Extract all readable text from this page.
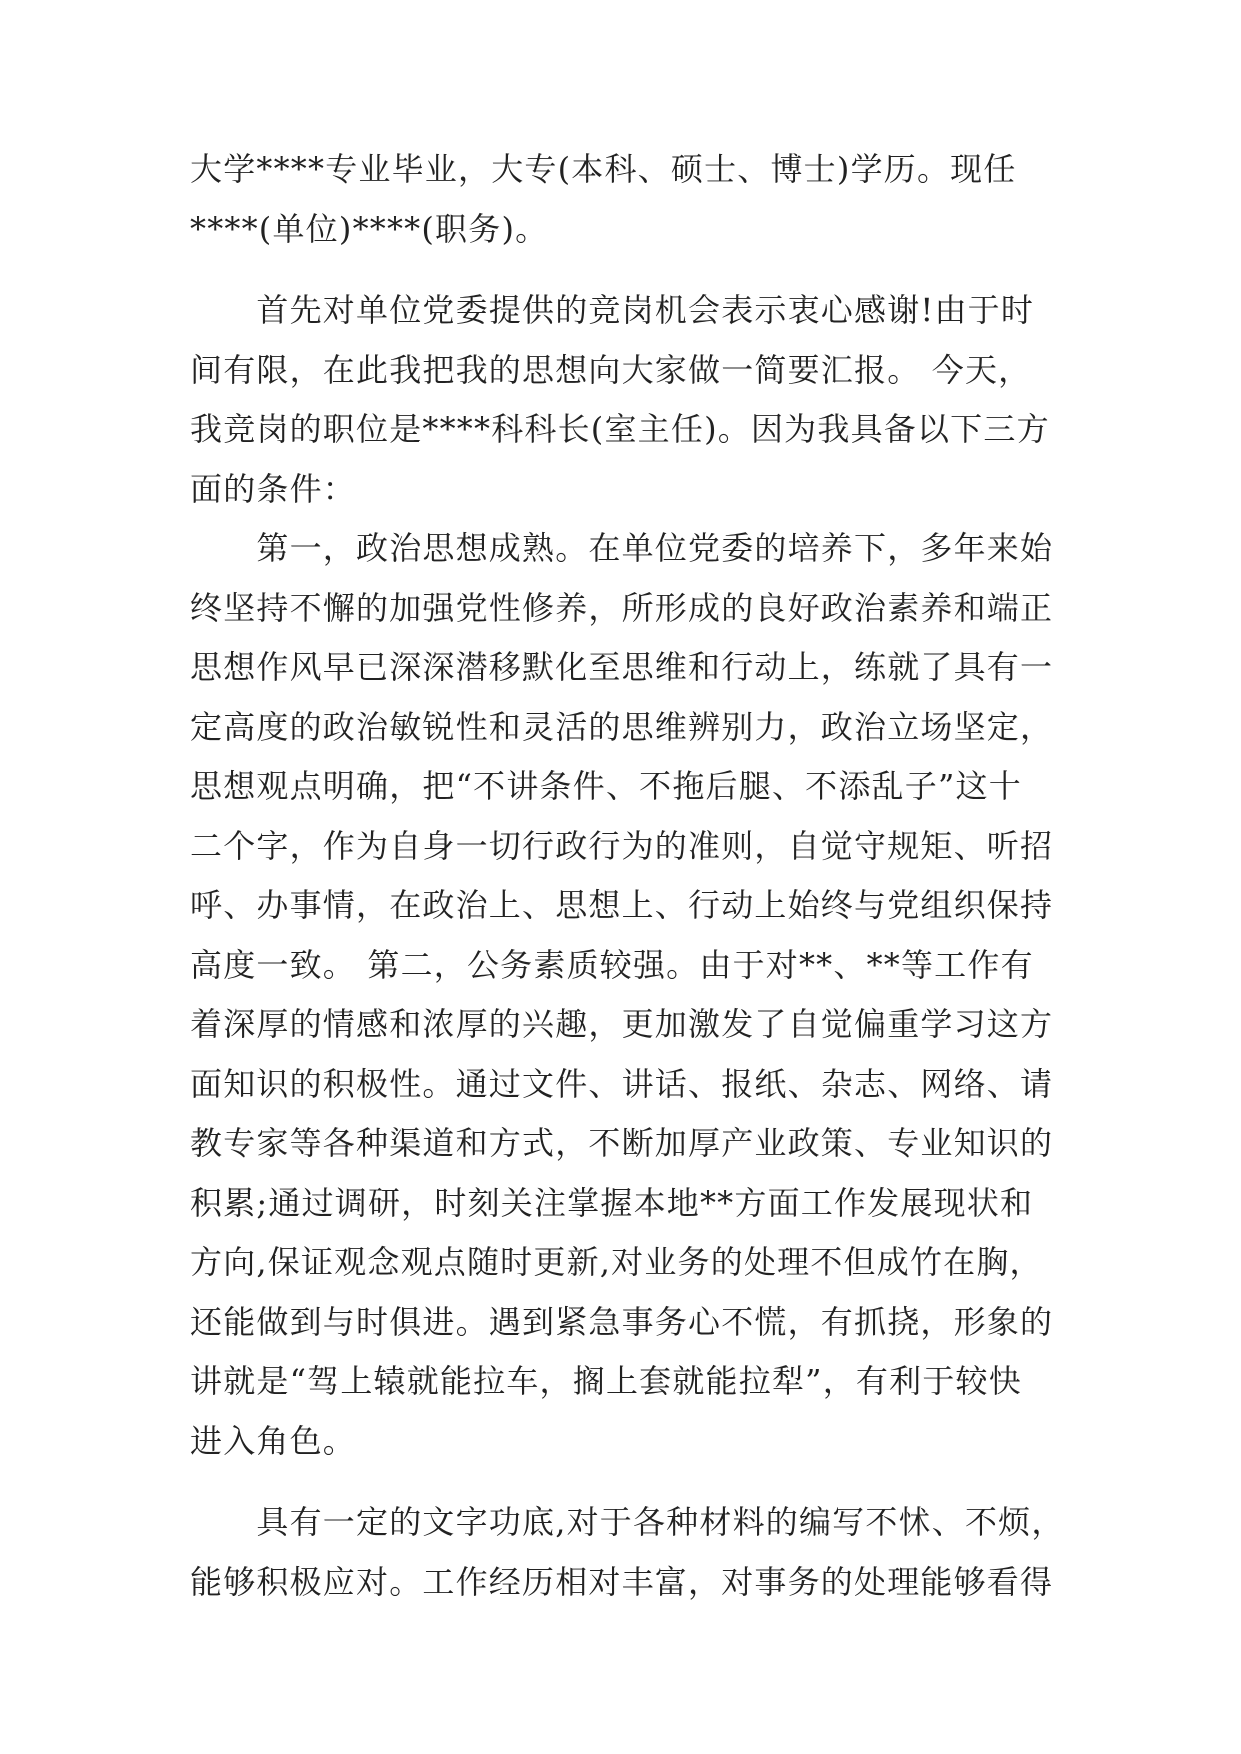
大学****专业毕业，大专(本科、硕士、博士)学历。现任
****(单位)****(职务)。
　　首先对单位党委提供的竞岗机会表示衷心感谢!由于时
间有限，在此我把我的思想向大家做一简要汇报。 今天，
我竞岗的职位是****科科长(室主任)。因为我具备以下三方
面的条件：
　　第一，政治思想成熟。在单位党委的培养下，多年来始
终坚持不懈的加强党性修养，所形成的良好政治素养和端正
思想作风早已深深潜移默化至思维和行动上，练就了具有一
定高度的政治敏锐性和灵活的思维辨别力，政治立场坚定，
思想观点明确，把“不讲条件、不拖后腿、不添乱子”这十
二个字，作为自身一切行政行为的准则，自觉守规矩、听招
呼、办事情，在政治上、思想上、行动上始终与党组织保持
高度一致。 第二，公务素质较强。由于对**、**等工作有
着深厚的情感和浓厚的兴趣，更加激发了自觉偏重学习这方
面知识的积极性。通过文件、讲话、报纸、杂志、网络、请
教专家等各种渠道和方式，不断加厚产业政策、专业知识的
积累;通过调研，时刻关注掌握本地**方面工作发展现状和
方向,保证观念观点随时更新,对业务的处理不但成竹在胸，
还能做到与时俱进。遇到紧急事务心不慌，有抓挠，形象的
讲就是“驾上辕就能拉车，搁上套就能拉犁”，有利于较快
进入角色。
　　具有一定的文字功底,对于各种材料的编写不怵、不烦，
能够积极应对。工作经历相对丰富，对事务的处理能够看得
